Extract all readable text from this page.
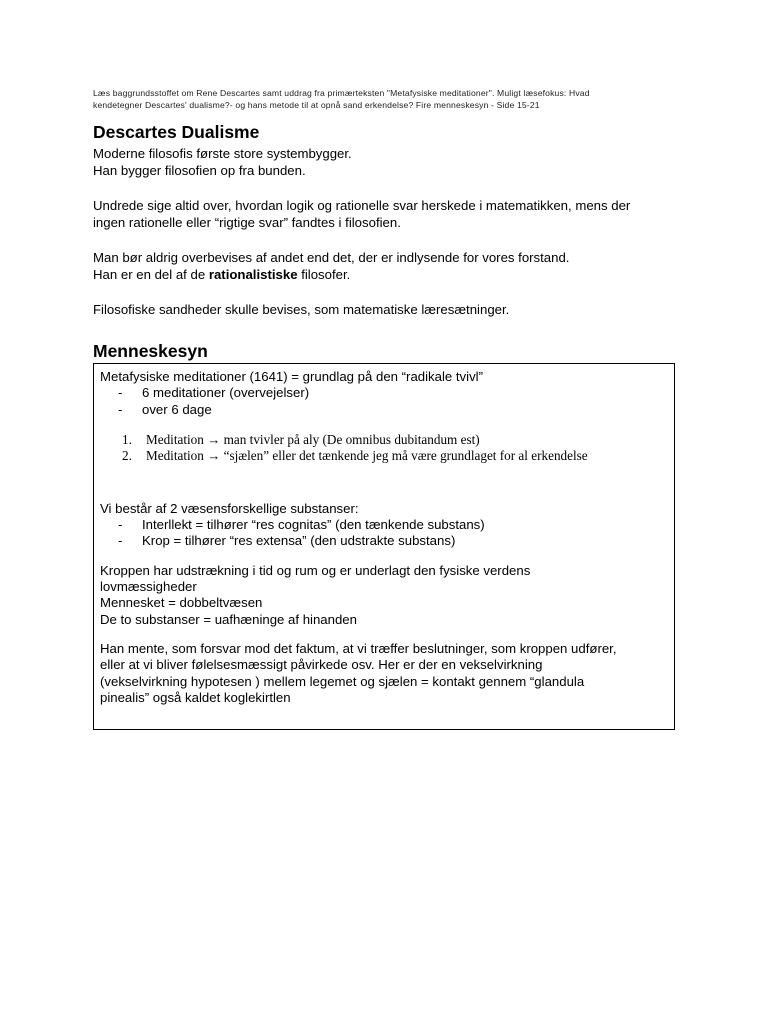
Læs baggrundsstoffet om Rene Descartes samt uddrag fra primærteksten "Metafysiske meditationer". Muligt læsefokus: Hvad
kendetegner Descartes' dualisme?- og hans metode til at opnå sand erkendelse? Fire menneskesyn - Side 15-21
Descartes Dualisme

Moderne filosofis første store systembygger.

Han bygger filosofien op fra bunden.

Undrede sige altid over, hvordan logik og rationelle svar herskede i matematikken, mens der

ingen rationelle eller “rigtige svar” fandtes i filosofien.

Man bør aldrig overbevises af andet end det, der er indlysende for vores forstand.

Han er en del af de rationalistiske filosofer.

Filosofiske sandheder skulle bevises, som matematiske læresætninger.

Menneskesyn

Metafysiske meditationer (1641) = grundlag på den “radikale tvivl”

-	6 meditationer (overvejelser)
-	over 6 dage
1.	Meditation → man tvivler på aly (De omnibus dubitandum est)
2.	Meditation → “sjælen” eller det tænkende jeg må være grundlaget for al erkendelse

Vi består af 2 væsensforskellige substanser:

-	Interllekt = tilhører “res cognitas” (den tænkende substans)
-	Krop = tilhører “res extensa” (den udstrakte substans)

Kroppen har udstrækning i tid og rum og er underlagt den fysiske verdens

lovmæssigheder

Mennesket = dobbeltvæsen

De to substanser = uafhæninge af hinanden

Han mente, som forsvar mod det faktum, at vi træffer beslutninger, som kroppen udfører,

eller at vi bliver følelsesmæssigt påvirkede osv. Her er der en vekselvirkning

(vekselvirkning hypotesen ) mellem legemet og sjælen = kontakt gennem “glandula

pinealis” også kaldet koglekirtlen
